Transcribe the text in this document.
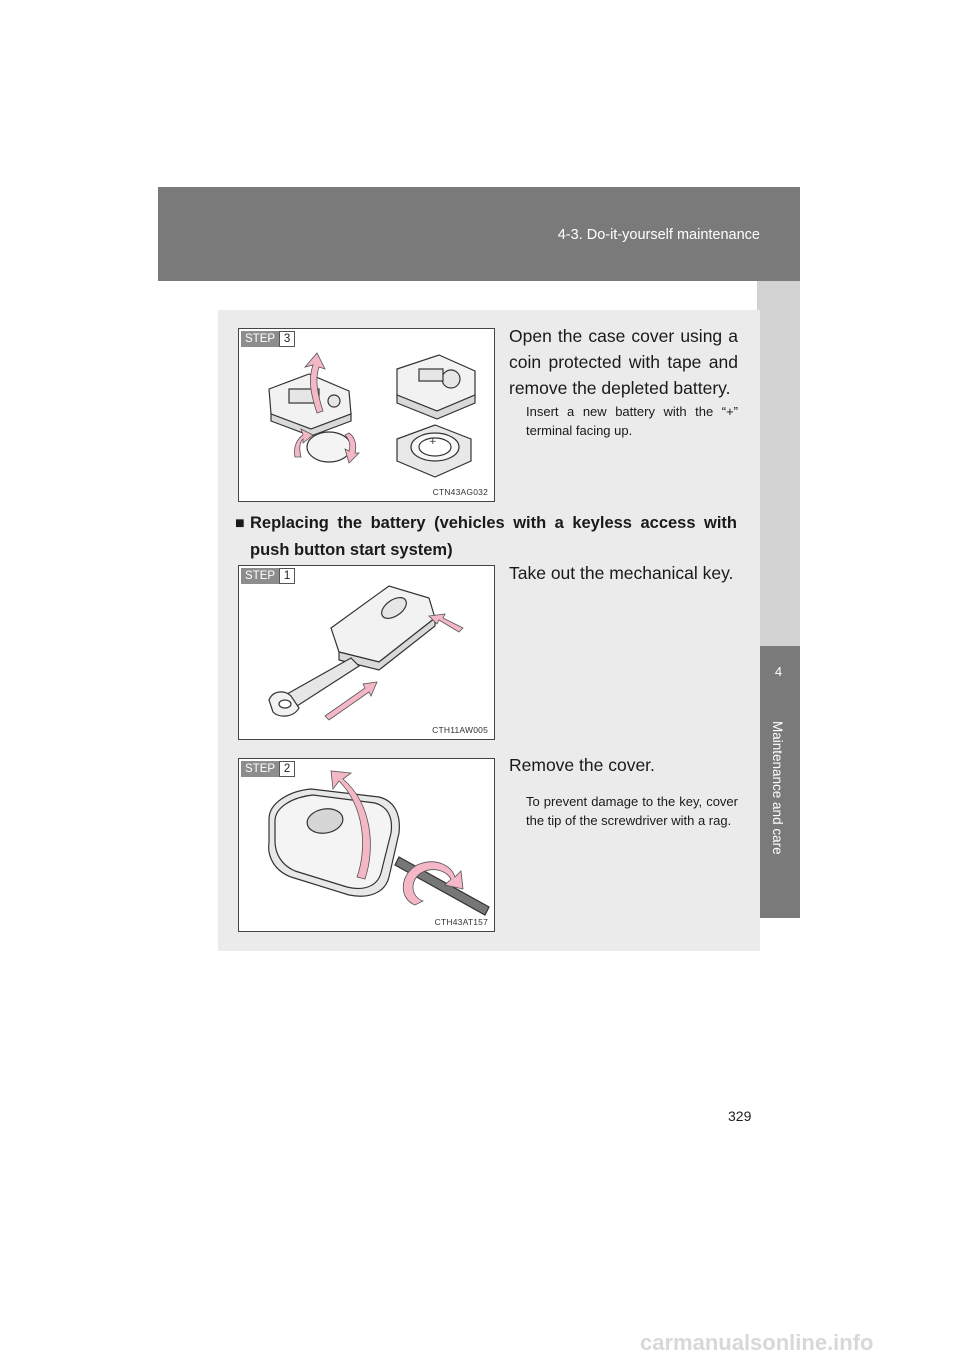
4-3. Do-it-yourself maintenance
4
Maintenance and care
STEP 3
+
CTN43AG032
Open the case cover using a coin protected with tape and remove the depleted battery.
Insert a new battery with the “+” terminal facing up.
■ Replacing the battery (vehicles with a keyless access with push button start system)
STEP 1
CTH11AW005
Take out the mechanical key.
STEP 2
CTH43AT157
Remove the cover.
To prevent damage to the key, cover the tip of the screwdriver with a rag.
329
carmanualsonline.info
